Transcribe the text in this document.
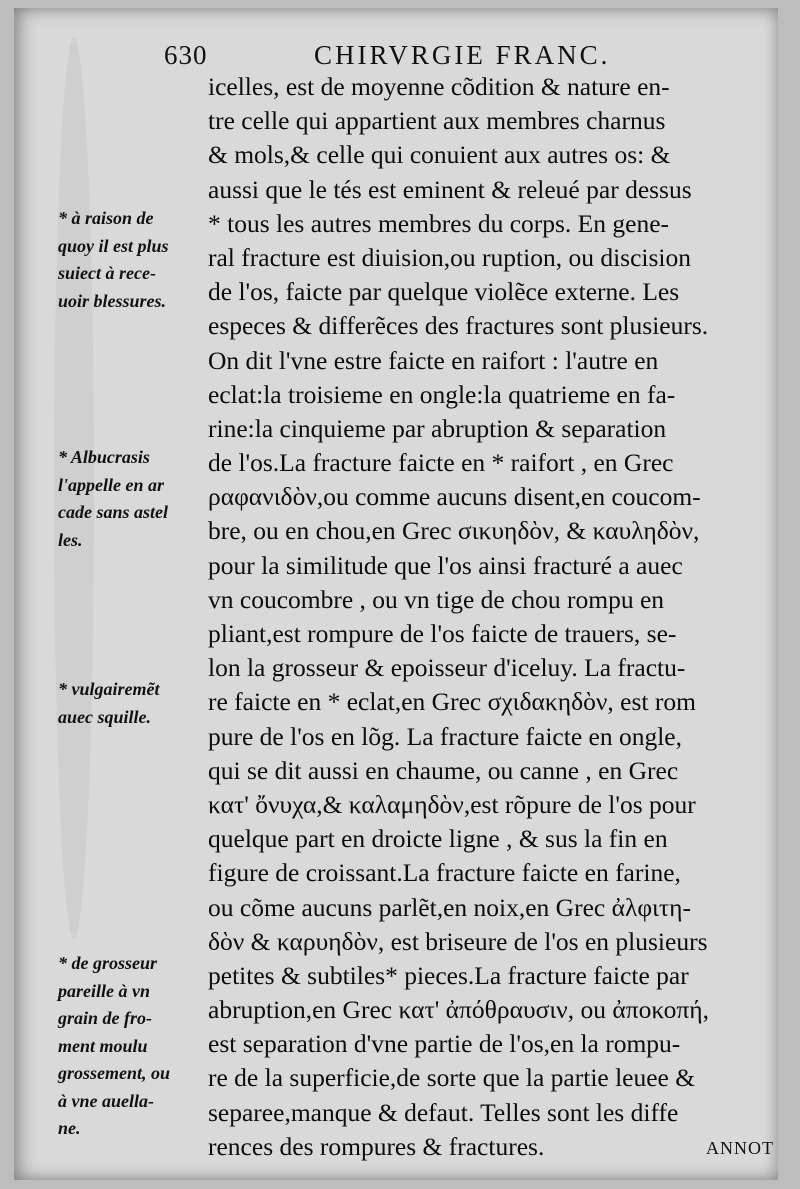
630	CHIRVRGIE FRANC.
icelles, est de moyenne cõdition & nature en-
tre celle qui appartient aux membres charnus
& mols,& celle qui conuient aux autres os: &
aussi que le tés est eminent & releué par dessus
* tous les autres membres du corps. En gene-
ral fracture est diuision,ou ruption, ou discision
de l'os, faicte par quelque violẽce externe. Les
especes & differẽces des fractures sont plusieurs.
On dit l'vne estre faicte en raifort : l'autre en
eclat:la troisieme en ongle:la quatrieme en fa-
rine:la cinquieme par abruption & separation
de l'os.La fracture faicte en * raifort , en Grec
ραφανιδὸν,ou comme aucuns disent,en coucom-
bre, ou en chou,en Grec σικυηδὸν, & καυληδὸν,
pour la similitude que l'os ainsi fracturé a auec
vn coucombre , ou vn tige de chou rompu en
pliant,est rompure de l'os faicte de trauers, se-
lon la grosseur & epoisseur d'iceluy. La fractu-
re faicte en * eclat,en Grec σχιδακηδὸν, est rom
pure de l'os en lõg. La fracture faicte en ongle,
qui se dit aussi en chaume, ou canne , en Grec
κατ' ὄνυχα,& καλαμηδὸν,est rõpure de l'os pour
quelque part en droicte ligne , & sus la fin en
figure de croissant.La fracture faicte en farine,
ou cõme aucuns parlẽt,en noix,en Grec ἀλφιτη-
δὸν & καρυηδὸν, est briseure de l'os en plusieurs
petites & subtiles* pieces.La fracture faicte par
abruption,en Grec κατ' ἀπόθραυσιν, ou ἀποκοπή,
est separation d'vne partie de l'os,en la rompu-
re de la superficie,de sorte que la partie leuee &
separee,manque & defaut. Telles sont les diffe
rences des rompures & fractures.
* à raison de
quoy il est plus
suiect à rece-
uoir blessures.
* Albucrasis
l'appelle en ar
cade sans astel
les.
* vulgairemẽt
auec squille.
* de grosseur
pareille à vn
grain de fro-
ment moulu
grossement, ou
à vne auella-
ne.
ANNOT
